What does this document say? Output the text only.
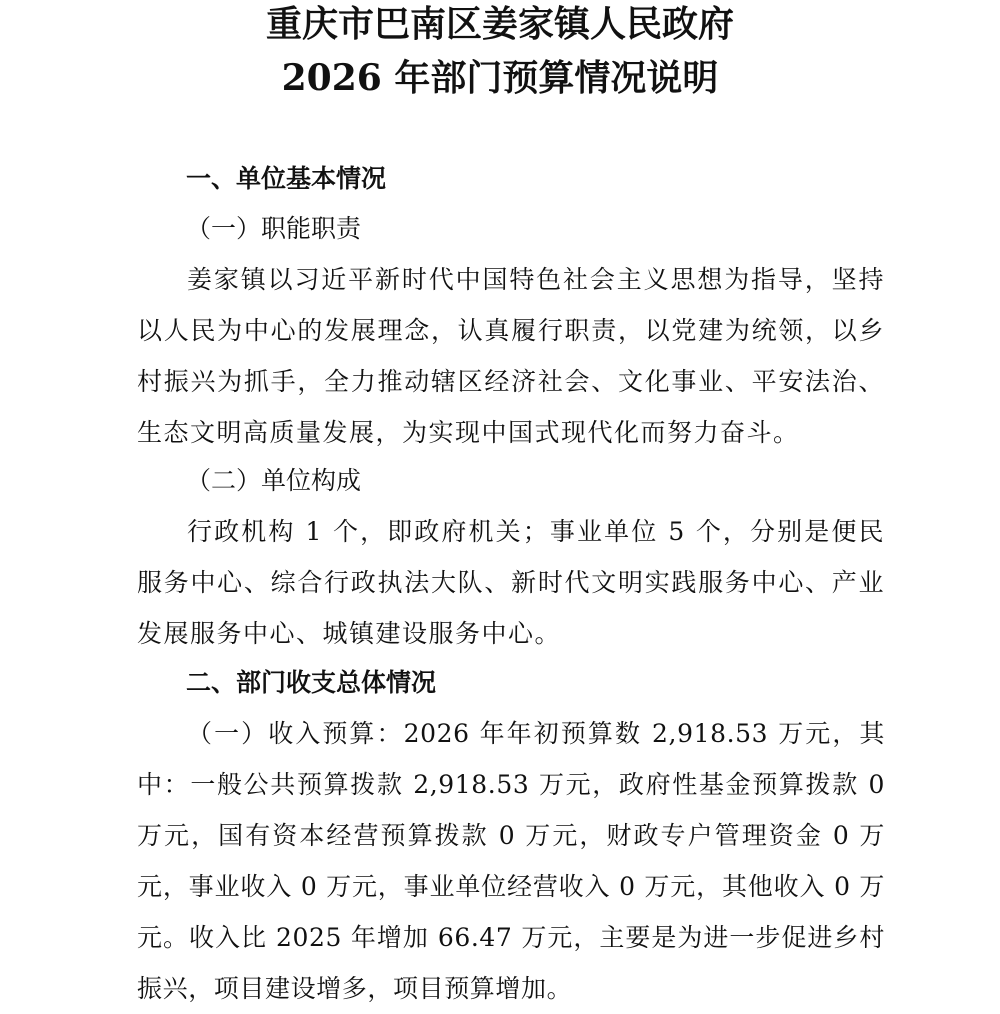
重庆市巴南区姜家镇人民政府
2026 年部门预算情况说明
一、单位基本情况
（一）职能职责
姜家镇以习近平新时代中国特色社会主义思想为指导，坚持以人民为中心的发展理念，认真履行职责，以党建为统领，以乡村振兴为抓手，全力推动辖区经济社会、文化事业、平安法治、生态文明高质量发展，为实现中国式现代化而努力奋斗。
（二）单位构成
行政机构 1 个，即政府机关；事业单位 5 个，分别是便民服务中心、综合行政执法大队、新时代文明实践服务中心、产业发展服务中心、城镇建设服务中心。
二、部门收支总体情况
（一）收入预算：2026 年年初预算数 2,918.53 万元，其中：一般公共预算拨款 2,918.53 万元，政府性基金预算拨款 0 万元，国有资本经营预算拨款 0 万元，财政专户管理资金 0 万元，事业收入 0 万元，事业单位经营收入 0 万元，其他收入 0 万元。收入比 2025 年增加 66.47 万元，主要是为进一步促进乡村振兴，项目建设增多，项目预算增加。
